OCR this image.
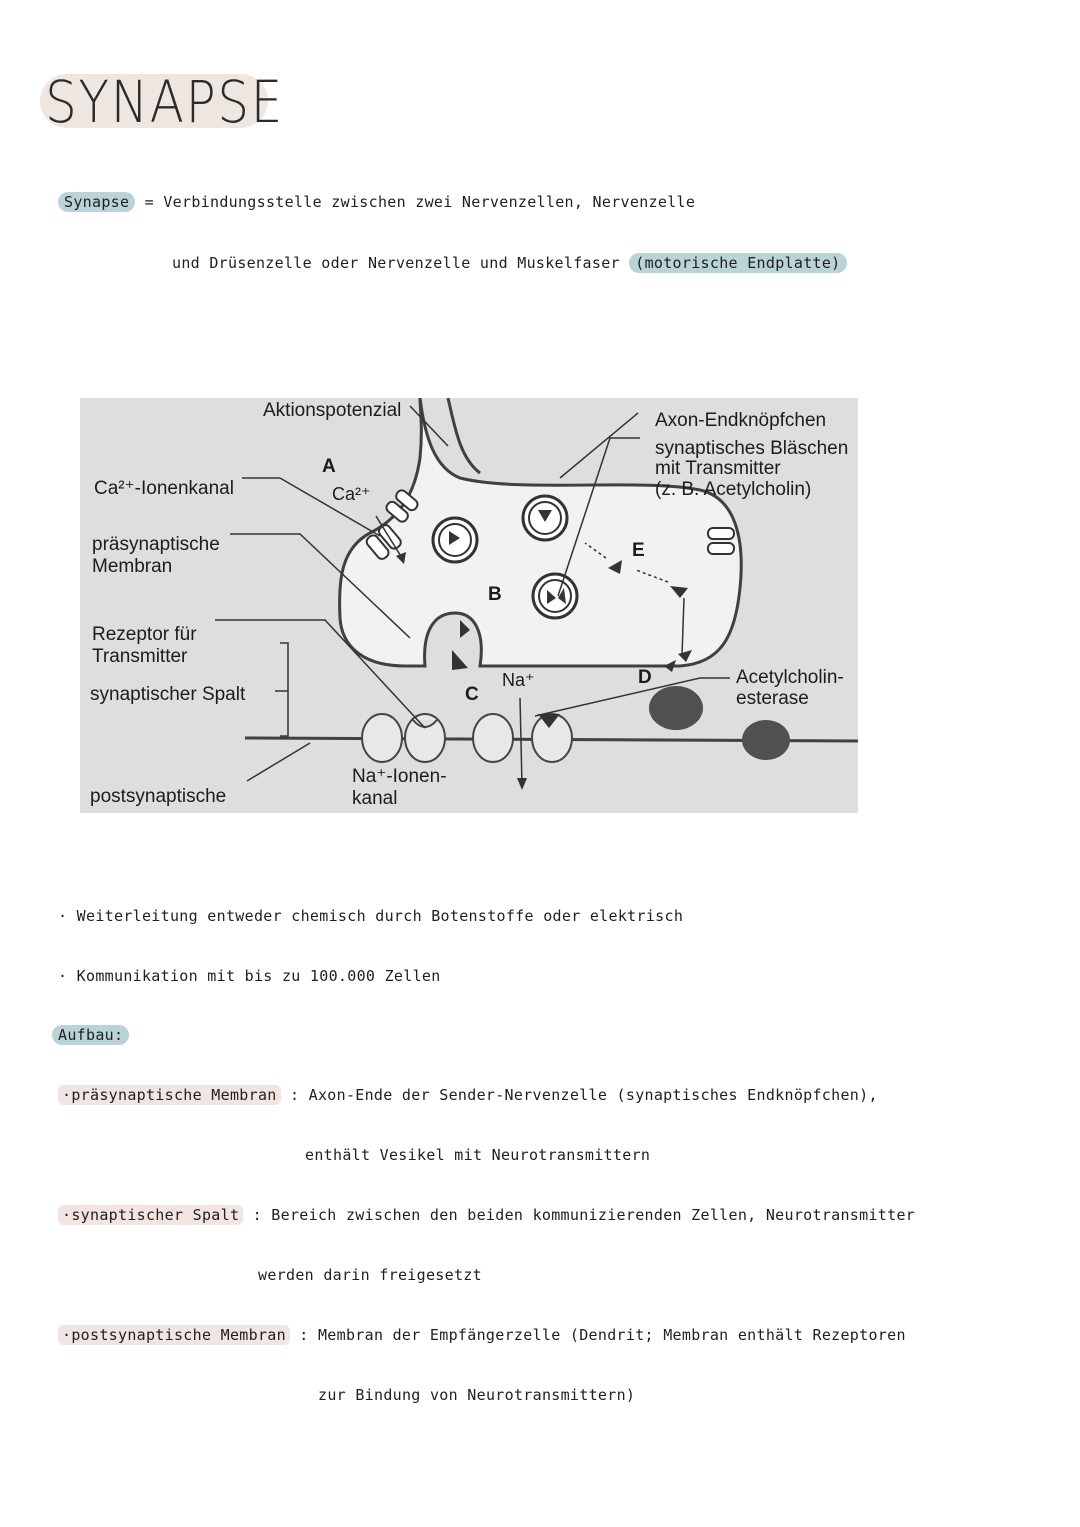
SYNAPSE
Synapse = Verbindungsstelle zwischen zwei Nervenzellen, Nervenzelle
und Drüsenzelle oder Nervenzelle und Muskelfaser (motorische Endplatte)
Aktionspotenzial	Axon-Endknöpfchen
synaptisches Bläschen
mit Transmitter
(z. B. Acetylcholin)
Ca²⁺-Ionenkanal	Ca²⁺
präsynaptische
Membran
Rezeptor für
Transmitter
synaptischer Spalt
postsynaptische
Na⁺-Ionen-
kanal
Na⁺	Acetylcholin-
esterase
A
B
C
D
E
· Weiterleitung entweder chemisch durch Botenstoffe oder elektrisch
· Kommunikation mit bis zu 100.000 Zellen
Aufbau:
·präsynaptische Membran : Axon-Ende der Sender-Nervenzelle (synaptisches Endknöpfchen),
enthält Vesikel mit Neurotransmittern
·synaptischer Spalt : Bereich zwischen den beiden kommunizierenden Zellen, Neurotransmitter
werden darin freigesetzt
·postsynaptische Membran : Membran der Empfängerzelle (Dendrit; Membran enthält Rezeptoren
zur Bindung von Neurotransmittern)
